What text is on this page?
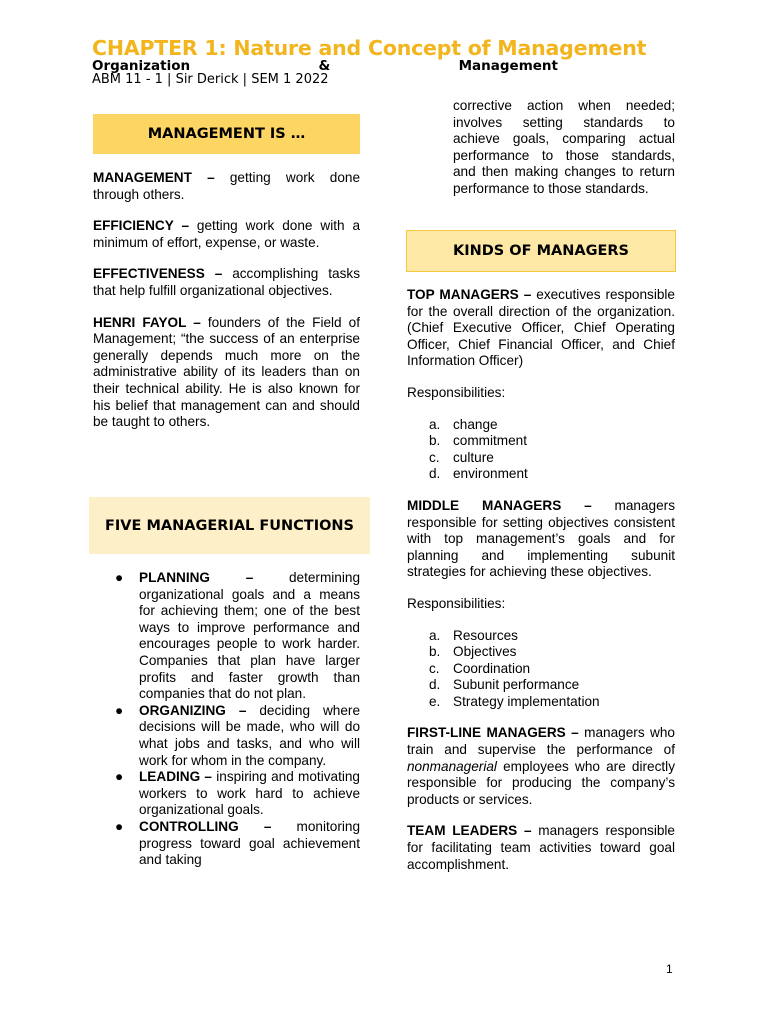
CHAPTER 1: Nature and Concept of Management
Organization	&	Management
ABM 11 - 1 | Sir Derick | SEM 1 2022
MANAGEMENT IS …
FIVE MANAGERIAL FUNCTIONS
KINDS OF MANAGERS

MANAGEMENT – getting work done through others.

EFFICIENCY – getting work done with a minimum of effort, expense, or waste.

EFFECTIVENESS – accomplishing tasks that help fulfill organizational objectives.

HENRI FAYOL – founders of the Field of Management; “the success of an enterprise generally depends much more on the administrative ability of its leaders than on their technical ability. He is also known for his belief that management can and should be taught to others.

● PLANNING – determining organizational goals and a means for achieving them; one of the best ways to improve performance and encourages people to work harder. Companies that plan have larger profits and faster growth than companies that do not plan.
● ORGANIZING – deciding where decisions will be made, who will do what jobs and tasks, and who will work for whom in the company.
● LEADING – inspiring and motivating workers to work hard to achieve organizational goals.
● CONTROLLING – monitoring progress toward goal achievement and taking

corrective action when needed; involves setting standards to achieve goals, comparing actual performance to those standards, and then making changes to return performance to those standards.

TOP MANAGERS – executives responsible for the overall direction of the organization. (Chief Executive Officer, Chief Operating Officer, Chief Financial Officer, and Chief Information Officer)

Responsibilities:

a. change
b. commitment
c. culture
d. environment

MIDDLE MANAGERS – managers responsible for setting objectives consistent with top management’s goals and for planning and implementing subunit strategies for achieving these objectives.

Responsibilities:

a. Resources
b. Objectives
c. Coordination
d. Subunit performance
e. Strategy implementation

FIRST-LINE MANAGERS – managers who train and supervise the performance of nonmanagerial employees who are directly responsible for producing the company’s products or services.

TEAM LEADERS – managers responsible for facilitating team activities toward goal accomplishment.

1
